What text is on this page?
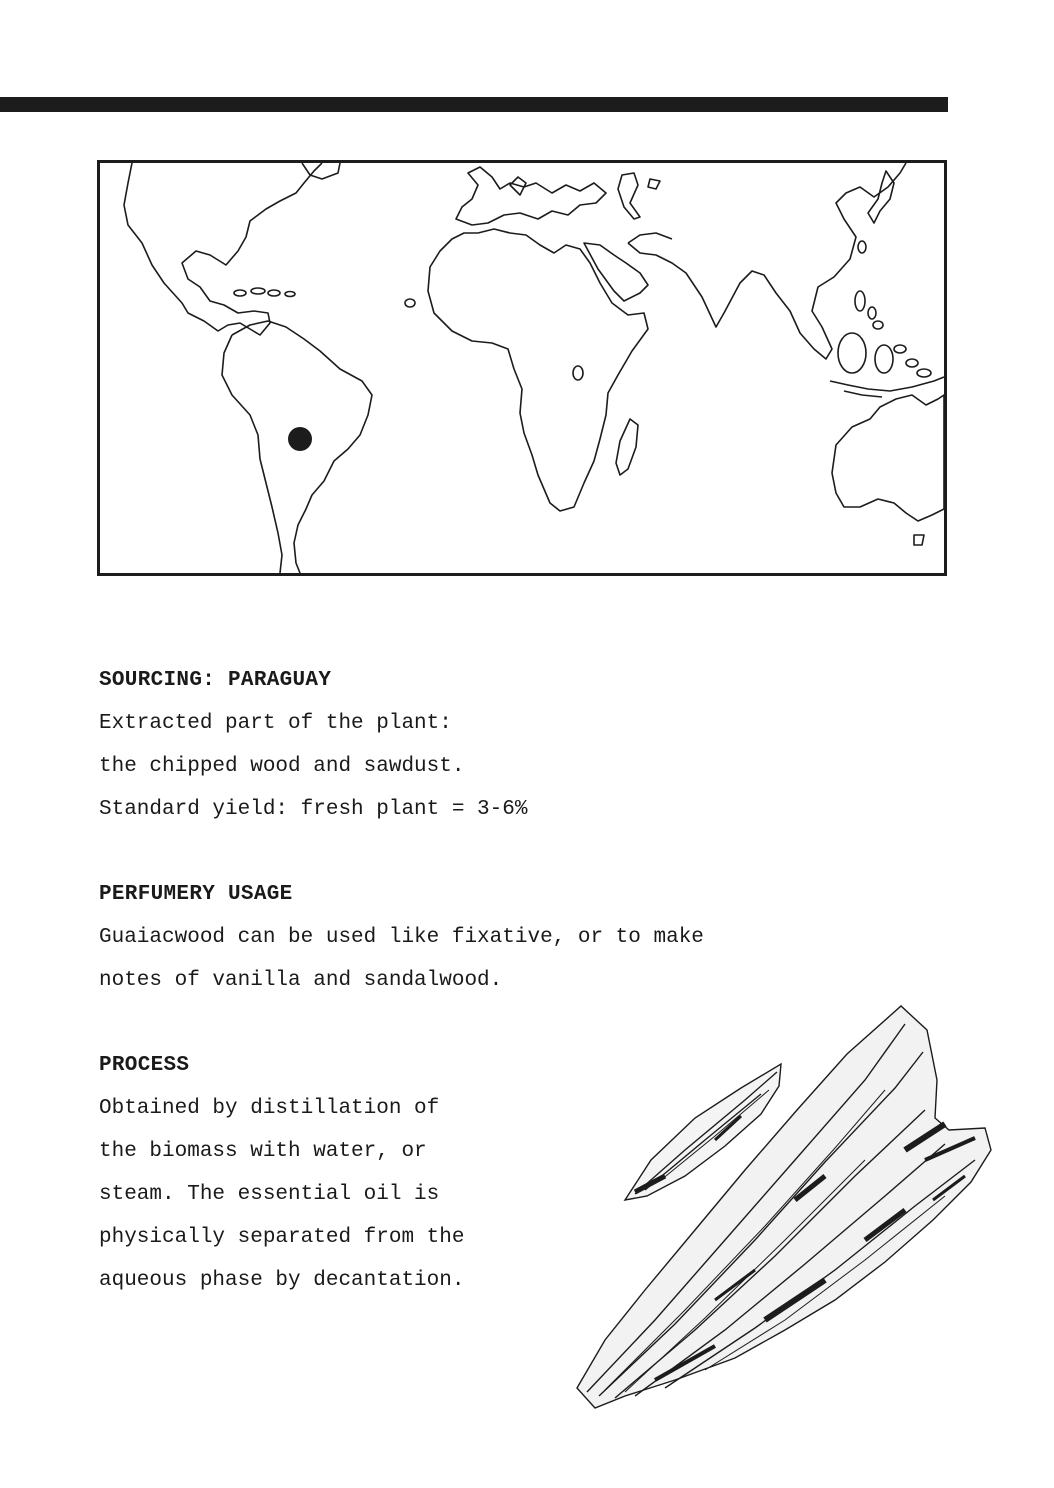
SOURCING: PARAGUAY

Extracted part of the plant:

the chipped wood and sawdust.

Standard yield: fresh plant = 3-6%

PERFUMERY USAGE

Guaiacwood can be used like fixative, or to make

notes of vanilla and sandalwood.

PROCESS

Obtained by distillation of

the biomass with water, or

steam. The essential oil is

physically separated from the

aqueous phase by decantation.
